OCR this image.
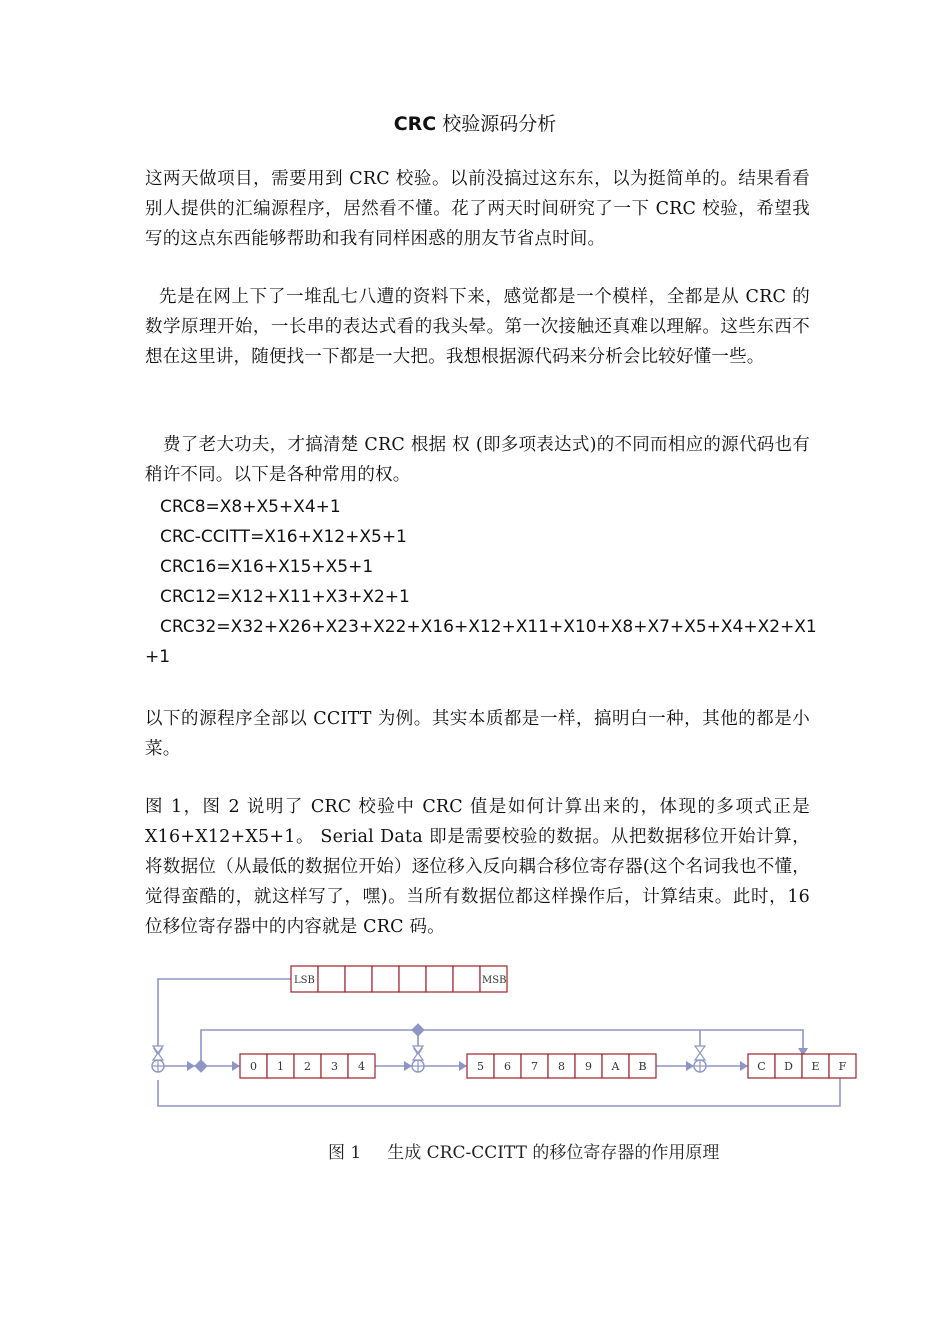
CRC 校验源码分析
这两天做项目，需要用到 CRC 校验。以前没搞过这东东，以为挺简单的。结果看看别人提供的汇编源程序，居然看不懂。花了两天时间研究了一下 CRC 校验，希望我写的这点东西能够帮助和我有同样困惑的朋友节省点时间。
先是在网上下了一堆乱七八遭的资料下来，感觉都是一个模样，全都是从 CRC 的数学原理开始，一长串的表达式看的我头晕。第一次接触还真难以理解。这些东西不想在这里讲，随便找一下都是一大把。我想根据源代码来分析会比较好懂一些。
费了老大功夫，才搞清楚 CRC 根据 权 (即多项表达式)的不同而相应的源代码也有稍许不同。以下是各种常用的权。
CRC8=X8+X5+X4+1
CRC-CCITT=X16+X12+X5+1
CRC16=X16+X15+X5+1
CRC12=X12+X11+X3+X2+1
CRC32=X32+X26+X23+X22+X16+X12+X11+X10+X8+X7+X5+X4+X2+X1
+1
以下的源程序全部以 CCITT 为例。其实本质都是一样，搞明白一种，其他的都是小菜。
图 1，图 2 说明了 CRC 校验中 CRC 值是如何计算出来的，体现的多项式正是 X16+X12+X5+1。 Serial Data 即是需要校验的数据。从把数据移位开始计算，将数据位（从最低的数据位开始）逐位移入反向耦合移位寄存器(这个名词我也不懂，觉得蛮酷的，就这样写了，嘿)。当所有数据位都这样操作后，计算结束。此时，16 位移位寄存器中的内容就是 CRC 码。
LSB	MSB
0 1 2 3 4	5 6 7 8 9 A B	C D E F
图 1 生成 CRC-CCITT 的移位寄存器的作用原理
